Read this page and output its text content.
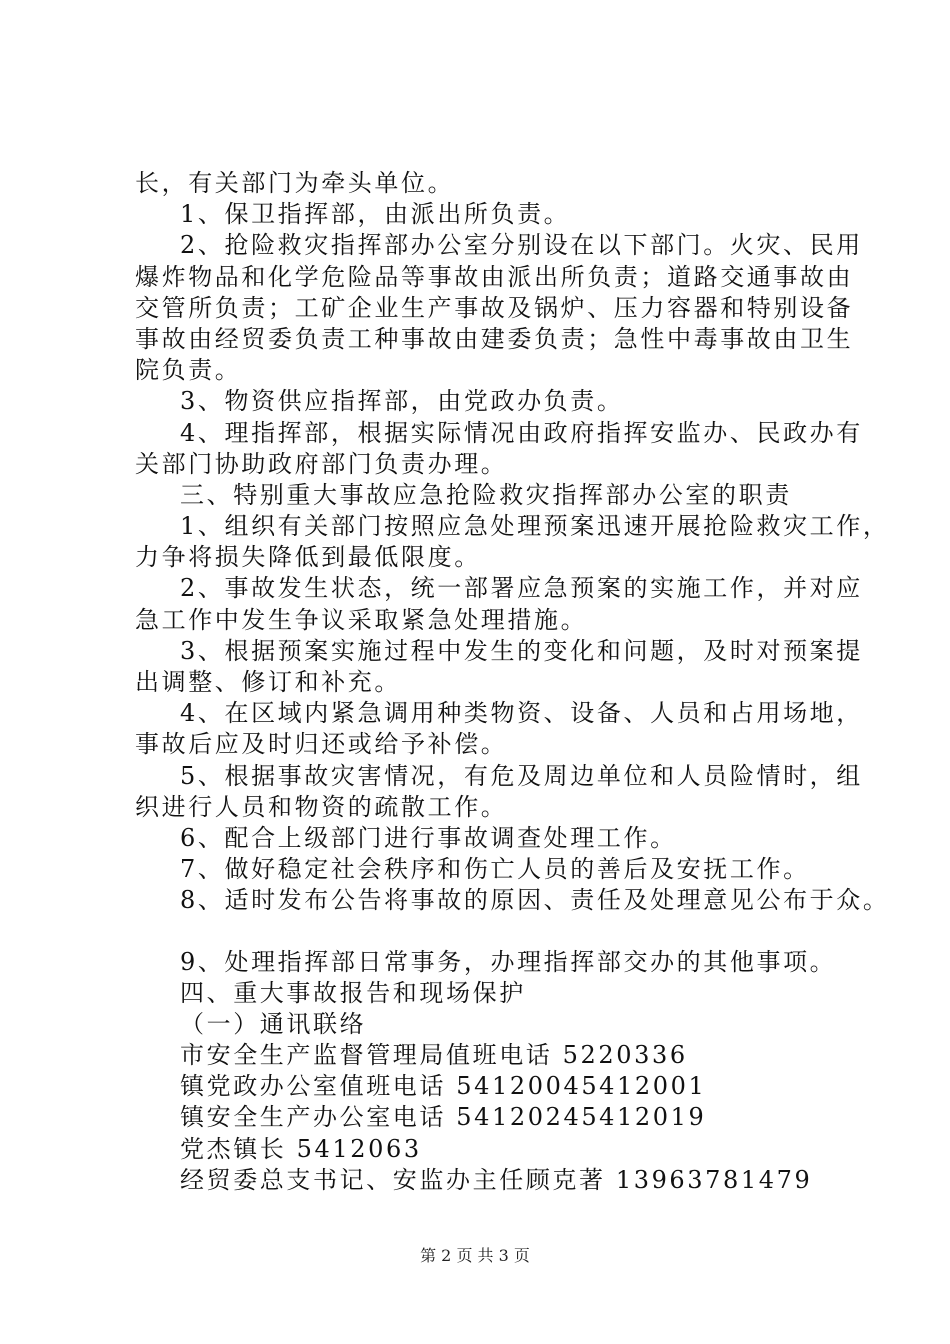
长，有关部门为牵头单位。
1、保卫指挥部，由派出所负责。
2、抢险救灾指挥部办公室分别设在以下部门。火灾、民用
爆炸物品和化学危险品等事故由派出所负责；道路交通事故由
交管所负责；工矿企业生产事故及锅炉、压力容器和特别设备
事故由经贸委负责工种事故由建委负责；急性中毒事故由卫生
院负责。
3、物资供应指挥部，由党政办负责。
4、理指挥部，根据实际情况由政府指挥安监办、民政办有
关部门协助政府部门负责办理。
三、特别重大事故应急抢险救灾指挥部办公室的职责
1、组织有关部门按照应急处理预案迅速开展抢险救灾工作，
力争将损失降低到最低限度。
2、事故发生状态，统一部署应急预案的实施工作，并对应
急工作中发生争议采取紧急处理措施。
3、根据预案实施过程中发生的变化和问题，及时对预案提
出调整、修订和补充。
4、在区域内紧急调用种类物资、设备、人员和占用场地，
事故后应及时归还或给予补偿。
5、根据事故灾害情况，有危及周边单位和人员险情时，组
织进行人员和物资的疏散工作。
6、配合上级部门进行事故调查处理工作。
7、做好稳定社会秩序和伤亡人员的善后及安抚工作。
8、适时发布公告将事故的原因、责任及处理意见公布于众。
9、处理指挥部日常事务，办理指挥部交办的其他事项。
四、重大事故报告和现场保护
（一）通讯联络
市安全生产监督管理局值班电话 5220336
镇党政办公室值班电话 54120045412001
镇安全生产办公室电话 54120245412019
党杰镇长 5412063
经贸委总支书记、安监办主任顾克著 13963781479
第 2 页 共 3 页
